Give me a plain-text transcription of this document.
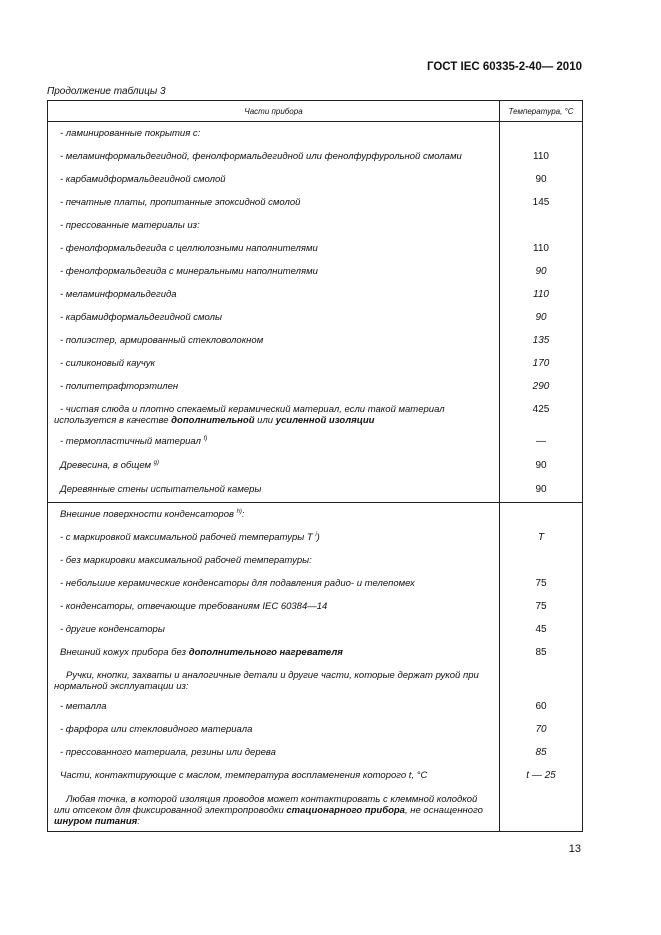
ГОСТ IEC 60335-2-40— 2010
Продолжение таблицы 3
Части прибора	Температура, °С
- ламинированные покрытия с:	
- меламинформальдегидной, фенолформальдегидной или фенолфурфурольной смолами	110
- карбамидформальдегидной смолой	90
- печатные платы, пропитанные эпоксидной смолой	145
- прессованные материалы из:	
- фенолформальдегида с целлюлозными наполнителями	110
- фенолформальдегида с минеральными наполнителями	90
- меламинформальдегида	110
- карбамидформальдегидной смолы	90
- полиэстер, армированный стекловолокном	135
- силиконовый каучук	170
- политетрафторэтилен	290
- чистая слюда и плотно спекаемый керамический материал, если такой материал используется в качестве дополнительной или усиленной изоляции	425
- термопластичный материал $^{f)}$	—
Древесина, в общем $^{g)}$	90
Деревянные стены испытательной камеры	90
Внешние поверхности конденсаторов $^{h)}$:	
- с маркировкой максимальной рабочей температуры T $^i$)	T
- без маркировки максимальной рабочей температуры:	
- небольшие керамические конденсаторы для подавления радио- и телепомех	75
- конденсаторы, отвечающие требованиям IEC 60384—14	75
- другие конденсаторы	45
Внешний кожух прибора без дополнительного нагревателя	85
Ручки, кнопки, захваты и аналогичные детали и другие части, которые держат рукой при нормальной эксплуатации из:	
- металла	60
- фарфора или стекловидного материала	70
- прессованного материала, резины или дерева	85
Части, контактирующие с маслом, температура воспламенения которого t, °С	t — 25
Любая точка, в которой изоляция проводов может контактировать с клеммной колодкой или отсеком для фиксированной электропроводки стационарного прибора, не оснащенного шнуром питания:	
13
